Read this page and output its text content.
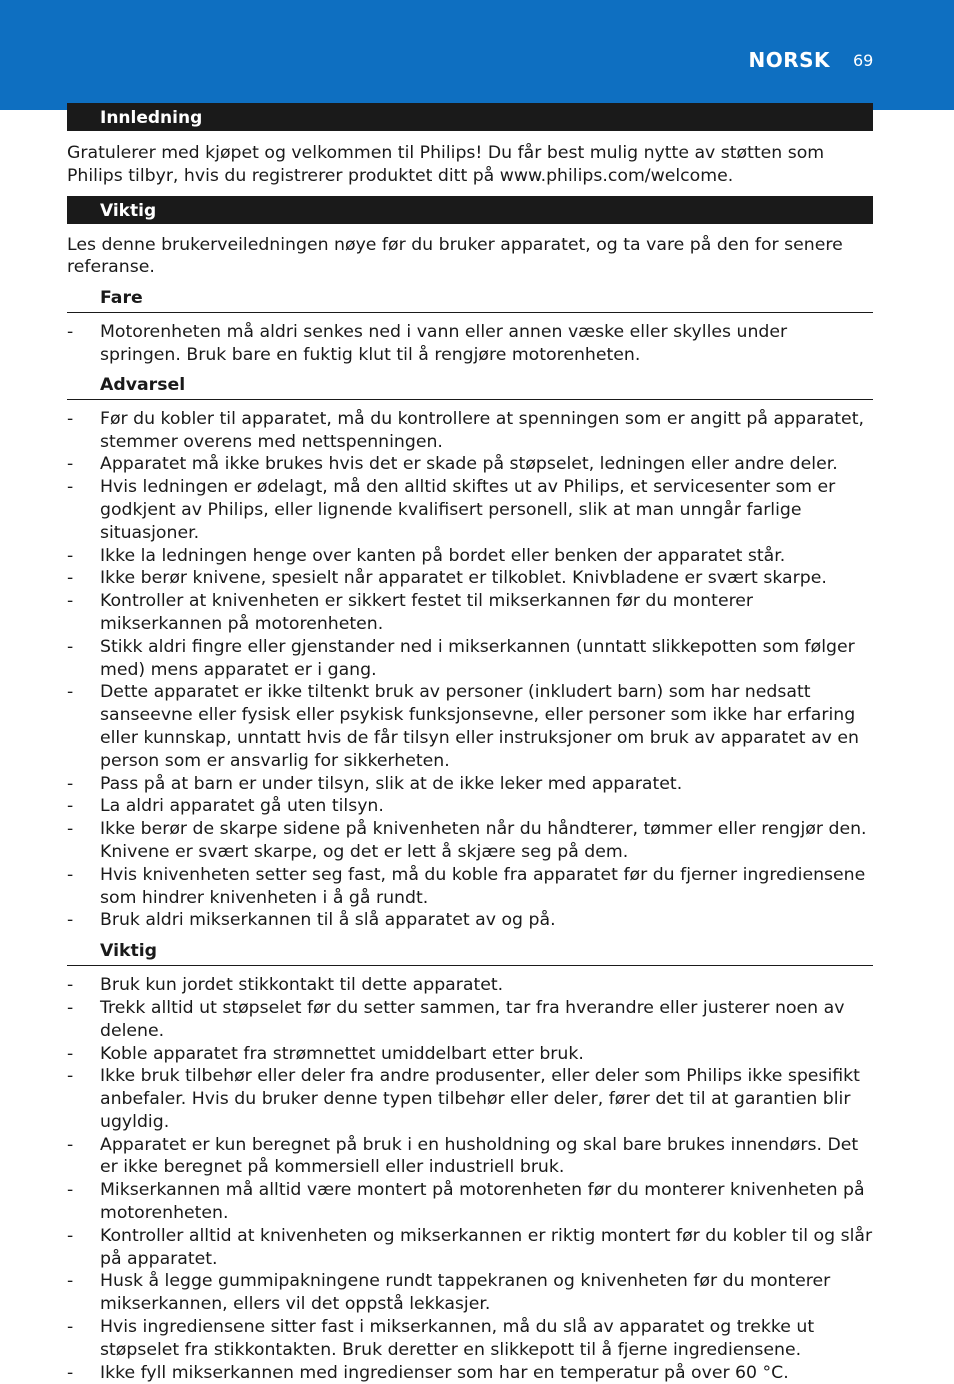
NORSK 69
Innledning

Gratulerer med kjøpet og velkommen til Philips! Du får best mulig nytte av støtten som Philips tilbyr, hvis du registrerer produktet ditt på www.philips.com/welcome.

Viktig

Les denne brukerveiledningen nøye før du bruker apparatet, og ta vare på den for senere referanse.

Fare
- Motorenheten må aldri senkes ned i vann eller annen væske eller skylles under springen. Bruk bare en fuktig klut til å rengjøre motorenheten.
Advarsel
- Før du kobler til apparatet, må du kontrollere at spenningen som er angitt på apparatet, stemmer overens med nettspenningen.
- Apparatet må ikke brukes hvis det er skade på støpselet, ledningen eller andre deler.
- Hvis ledningen er ødelagt, må den alltid skiftes ut av Philips, et servicesenter som er godkjent av Philips, eller lignende kvalifisert personell, slik at man unngår farlige situasjoner.
- Ikke la ledningen henge over kanten på bordet eller benken der apparatet står.
- Ikke berør knivene, spesielt når apparatet er tilkoblet. Knivbladene er svært skarpe.
- Kontroller at knivenheten er sikkert festet til mikserkannen før du monterer mikserkannen på motorenheten.
- Stikk aldri fingre eller gjenstander ned i mikserkannen (unntatt slikkepotten som følger med) mens apparatet er i gang.
- Dette apparatet er ikke tiltenkt bruk av personer (inkludert barn) som har nedsatt sanseevne eller fysisk eller psykisk funksjonsevne, eller personer som ikke har erfaring eller kunnskap, unntatt hvis de får tilsyn eller instruksjoner om bruk av apparatet av en person som er ansvarlig for sikkerheten.
- Pass på at barn er under tilsyn, slik at de ikke leker med apparatet.
- La aldri apparatet gå uten tilsyn.
- Ikke berør de skarpe sidene på knivenheten når du håndterer, tømmer eller rengjør den. Knivene er svært skarpe, og det er lett å skjære seg på dem.
- Hvis knivenheten setter seg fast, må du koble fra apparatet før du fjerner ingrediensene som hindrer knivenheten i å gå rundt.
- Bruk aldri mikserkannen til å slå apparatet av og på.
Viktig
- Bruk kun jordet stikkontakt til dette apparatet.
- Trekk alltid ut støpselet før du setter sammen, tar fra hverandre eller justerer noen av delene.
- Koble apparatet fra strømnettet umiddelbart etter bruk.
- Ikke bruk tilbehør eller deler fra andre produsenter, eller deler som Philips ikke spesifikt anbefaler. Hvis du bruker denne typen tilbehør eller deler, fører det til at garantien blir ugyldig.
- Apparatet er kun beregnet på bruk i en husholdning og skal bare brukes innendørs. Det er ikke beregnet på kommersiell eller industriell bruk.
- Mikserkannen må alltid være montert på motorenheten før du monterer knivenheten på motorenheten.
- Kontroller alltid at knivenheten og mikserkannen er riktig montert før du kobler til og slår på apparatet.
- Husk å legge gummipakningene rundt tappekranen og knivenheten før du monterer mikserkannen, ellers vil det oppstå lekkasjer.
- Hvis ingrediensene sitter fast i mikserkannen, må du slå av apparatet og trekke ut støpselet fra stikkontakten. Bruk deretter en slikkepott til å fjerne ingrediensene.
- Ikke fyll mikserkannen med ingredienser som har en temperatur på over 60 °C.
